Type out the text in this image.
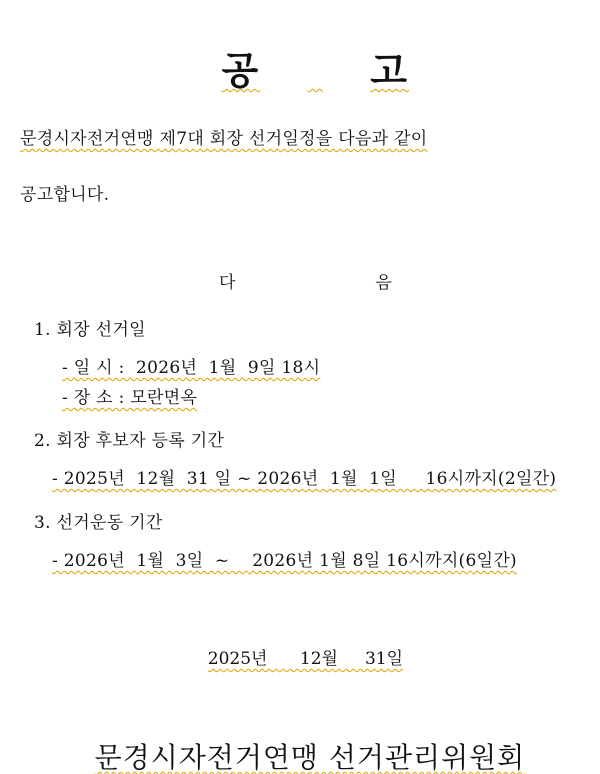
공	고

문경시자전거연맹 제7대 회장 선거일정을 다음과 같이
공고합니다.

다	음

1. 회장 선거일
- 일 시 :  2026년  1월  9일 18시
- 장 소 : 모란면옥
2. 회장 후보자 등록 기간
- 2025년  12월  31 일 ~ 2026년  1월  1일     16시까지(2일간)
3. 선거운동 기간
- 2026년  1월  3일  ~    2026년 1월 8일 16시까지(6일간)

2025년      12월     31일

문경시자전거연맹 선거관리위원회
